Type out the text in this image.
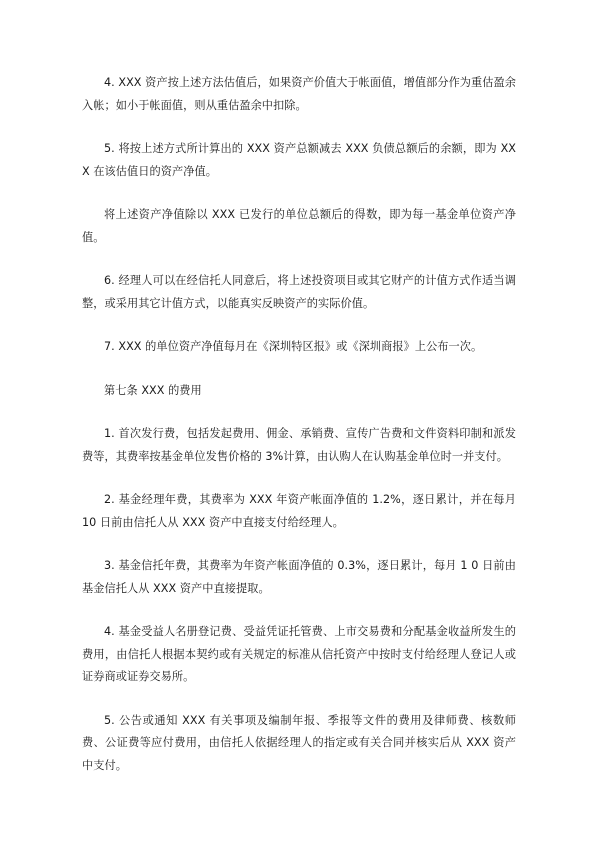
4. XXX 资产按上述方法估值后，如果资产价值大于帐面值，增值部分作为重估盈余入帐；如小于帐面值，则从重估盈余中扣除。

5. 将按上述方式所计算出的 XXX 资产总额减去 XXX 负债总额后的余额，即为 XXX 在该估值日的资产净值。

将上述资产净值除以 XXX 已发行的单位总额后的得数，即为每一基金单位资产净值。

6. 经理人可以在经信托人同意后，将上述投资项目或其它财产的计值方式作适当调整，或采用其它计值方式，以能真实反映资产的实际价值。

7. XXX 的单位资产净值每月在《深圳特区报》或《深圳商报》上公布一次。

第七条 XXX 的费用

1. 首次发行费，包括发起费用、佣金、承销费、宣传广告费和文件资料印制和派发费等，其费率按基金单位发售价格的 3%计算，由认购人在认购基金单位时一并支付。

2. 基金经理年费，其费率为 XXX 年资产帐面净值的 1.2%，逐日累计，并在每月 10 日前由信托人从 XXX 资产中直接支付给经理人。

3. 基金信托年费，其费率为年资产帐面净值的 0.3%，逐日累计，每月 1 0 日前由基金信托人从 XXX 资产中直接提取。

4. 基金受益人名册登记费、受益凭证托管费、上市交易费和分配基金收益所发生的费用，由信托人根据本契约或有关规定的标准从信托资产中按时支付给经理人登记人或证券商或证券交易所。

5. 公告或通知 XXX 有关事项及编制年报、季报等文件的费用及律师费、核数师费、公证费等应付费用，由信托人依据经理人的指定或有关合同并核实后从 XXX 资产中支付。
